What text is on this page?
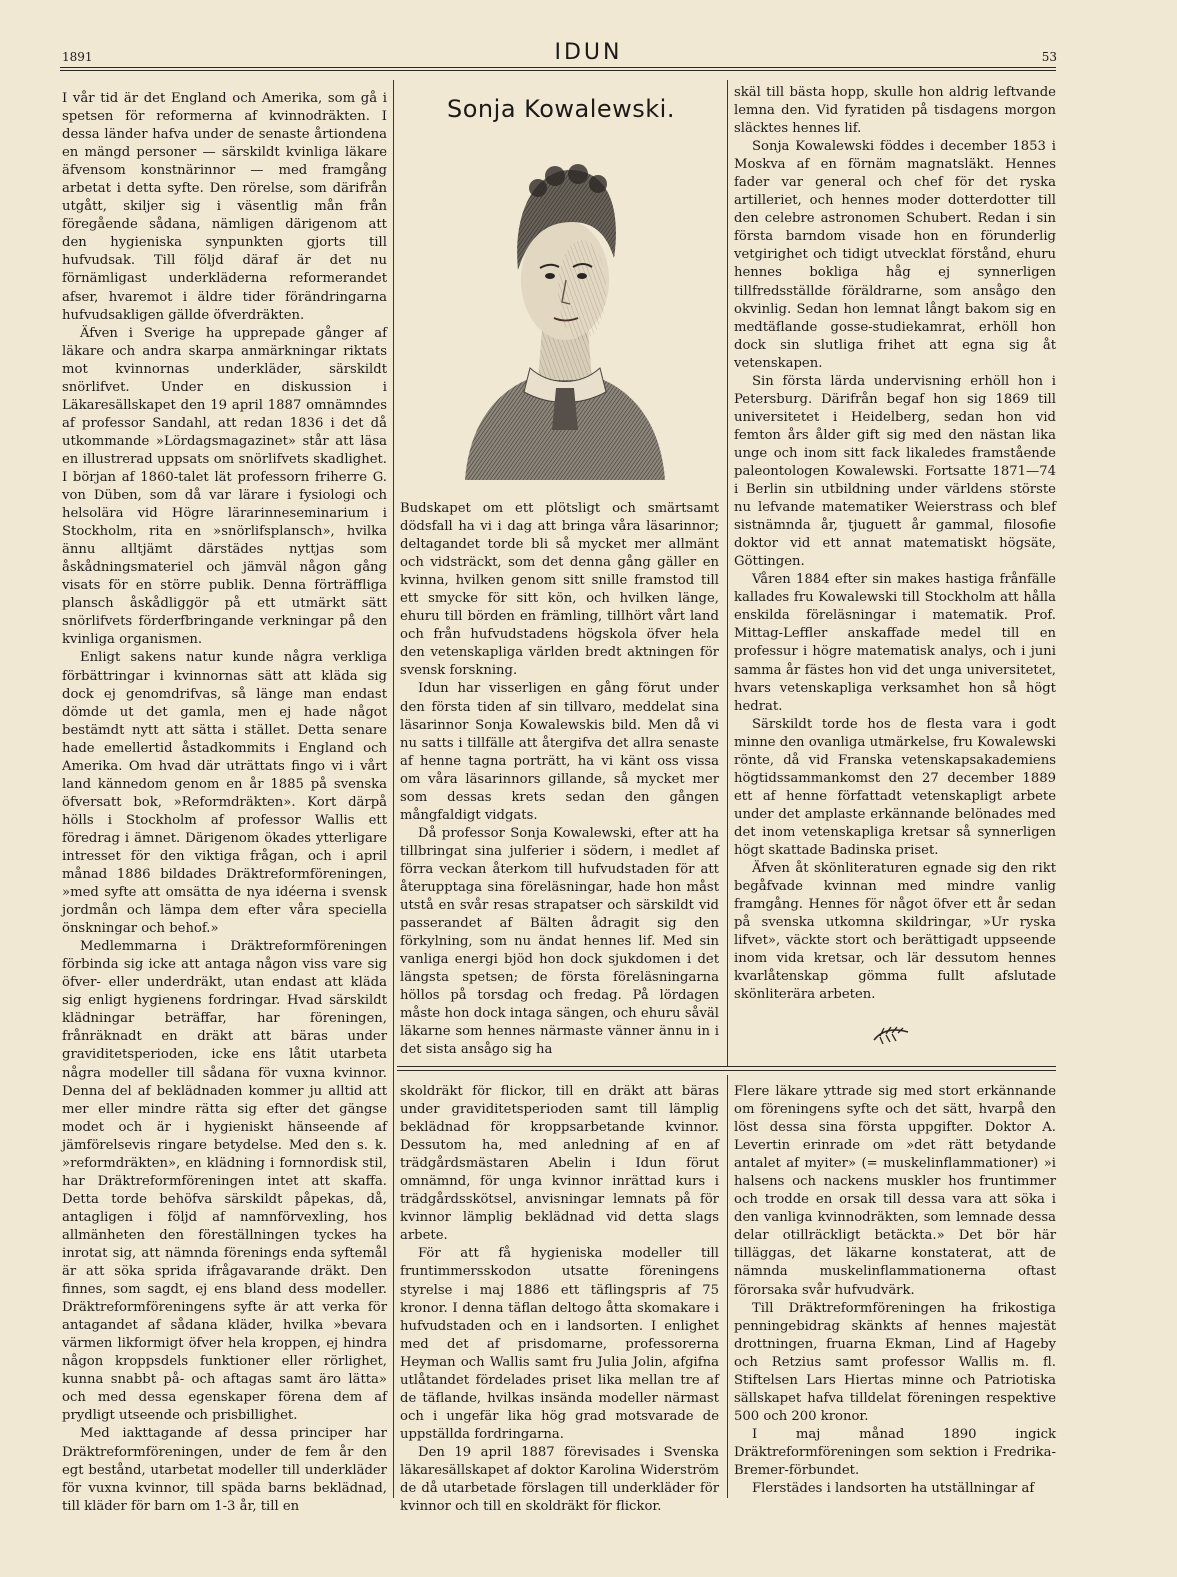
1891	IDUN	53

I vår tid är det England och Amerika, som gå i spetsen för reformerna af kvinnodräkten. I dessa länder hafva under de senaste årtiondena en mängd personer — särskildt kvinliga läkare äfvensom konstnärinnor — med framgång arbetat i detta syfte. Den rörelse, som därifrån utgått, skiljer sig i väsentlig mån från föregående sådana, nämligen därigenom att den hygieniska synpunkten gjorts till hufvudsak. Till följd däraf är det nu förnämligast underkläderna reformerandet afser, hvaremot i äldre tider förändringarna hufvudsakligen gällde öfverdräkten.

Äfven i Sverige ha upprepade gånger af läkare och andra skarpa anmärkningar riktats mot kvinnornas underkläder, särskildt snörlifvet. Under en diskussion i Läkaresällskapet den 19 april 1887 omnämndes af professor Sandahl, att redan 1836 i det då utkommande »Lördagsmagazinet» står att läsa en illustrerad uppsats om snörlifvets skadlighet. I början af 1860-talet lät professorn friherre G. von Düben, som då var lärare i fysiologi och helsolära vid Högre lärarinneseminarium i Stockholm, rita en »snörlifsplansch», hvilka ännu alltjämt därstädes nyttjas som åskådningsmateriel och jämväl någon gång visats för en större publik. Denna förträffliga plansch åskådliggör på ett utmärkt sätt snörlifvets förderfbringande verkningar på den kvinliga organismen.

Enligt sakens natur kunde några verkliga förbättringar i kvinnornas sätt att kläda sig dock ej genomdrifvas, så länge man endast dömde ut det gamla, men ej hade något bestämdt nytt att sätta i stället. Detta senare hade emellertid åstadkommits i England och Amerika. Om hvad där uträttats fingo vi i vårt land kännedom genom en år 1885 på svenska öfversatt bok, »Reformdräkten». Kort därpå hölls i Stockholm af professor Wallis ett föredrag i ämnet. Därigenom ökades ytterligare intresset för den viktiga frågan, och i april månad 1886 bildades Dräktreformföreningen, »med syfte att omsätta de nya idéerna i svensk jordmån och lämpa dem efter våra speciella önskningar och behof.»

Medlemmarna i Dräktreformföreningen förbinda sig icke att antaga någon viss vare sig öfver- eller underdräkt, utan endast att kläda sig enligt hygienens fordringar. Hvad särskildt klädningar beträffar, har föreningen, frånräknadt en dräkt att bäras under graviditetsperioden, icke ens låtit utarbeta några modeller till sådana för vuxna kvinnor. Denna del af beklädnaden kommer ju alltid att mer eller mindre rätta sig efter det gängse modet och är i hygieniskt hänseende af jämförelsevis ringare betydelse. Med den s. k. »reformdräkten», en klädning i fornnordisk stil, har Dräktreformföreningen intet att skaffa. Detta torde behöfva särskildt påpekas, då, antagligen i följd af namnförvexling, hos allmänheten den föreställningen tyckes ha inrotat sig, att nämnda förenings enda syftemål är att söka sprida ifrågavarande dräkt. Den finnes, som sagdt, ej ens bland dess modeller. Dräktreformföreningens syfte är att verka för antagandet af sådana kläder, hvilka »bevara värmen likformigt öfver hela kroppen, ej hindra någon kroppsdels funktioner eller rörlighet, kunna snabbt på- och aftagas samt äro lätta» och med dessa egenskaper förena dem af prydligt utseende och prisbillighet.

Med iakttagande af dessa principer har Dräktreformföreningen, under de fem år den egt bestånd, utarbetat modeller till underkläder för vuxna kvinnor, till späda barns beklädnad, till kläder för barn om 1-3 år, till en

Sonja Kowalewski.

Budskapet om ett plötsligt och smärtsamt dödsfall ha vi i dag att bringa våra läsarinnor; deltagandet torde bli så mycket mer allmänt och vidsträckt, som det denna gång gäller en kvinna, hvilken genom sitt snille framstod till ett smycke för sitt kön, och hvilken länge, ehuru till börden en främling, tillhört vårt land och från hufvudstadens högskola öfver hela den vetenskapliga världen bredt aktningen för svensk forskning.

Idun har visserligen en gång förut under den första tiden af sin tillvaro, meddelat sina läsarinnor Sonja Kowalewskis bild. Men då vi nu satts i tillfälle att återgifva det allra senaste af henne tagna porträtt, ha vi känt oss vissa om våra läsarinnors gillande, så mycket mer som dessas krets sedan den gången mångfaldigt vidgats.

Då professor Sonja Kowalewski, efter att ha tillbringat sina julferier i södern, i medlet af förra veckan återkom till hufvudstaden för att återupptaga sina föreläsningar, hade hon måst utstå en svår resas strapatser och särskildt vid passerandet af Bälten ådragit sig den förkylning, som nu ändat hennes lif. Med sin vanliga energi bjöd hon dock sjukdomen i det längsta spetsen; de första föreläsningarna höllos på torsdag och fredag. På lördagen måste hon dock intaga sängen, och ehuru såväl läkarne som hennes närmaste vänner ännu in i det sista ansågo sig ha

skäl till bästa hopp, skulle hon aldrig leftvande lemna den. Vid fyratiden på tisdagens morgon släcktes hennes lif.

Sonja Kowalewski föddes i december 1853 i Moskva af en förnäm magnatsläkt. Hennes fader var general och chef för det ryska artilleriet, och hennes moder dotterdotter till den celebre astronomen Schubert. Redan i sin första barndom visade hon en förunderlig vetgirighet och tidigt utvecklat förstånd, ehuru hennes bokliga håg ej synnerligen tillfredsställde föräldrarne, som ansågo den okvinlig. Sedan hon lemnat långt bakom sig en medtäflande gosse-studiekamrat, erhöll hon dock sin slutliga frihet att egna sig åt vetenskapen.

Sin första lärda undervisning erhöll hon i Petersburg. Därifrån begaf hon sig 1869 till universitetet i Heidelberg, sedan hon vid femton års ålder gift sig med den nästan lika unge och inom sitt fack likaledes framstående paleontologen Kowalewski. Fortsatte 1871—74 i Berlin sin utbildning under världens störste nu lefvande matematiker Weierstrass och blef sistnämnda år, tjuguett år gammal, filosofie doktor vid ett annat matematiskt högsäte, Göttingen.

Våren 1884 efter sin makes hastiga frånfälle kallades fru Kowalewski till Stockholm att hålla enskilda föreläsningar i matematik. Prof. Mittag-Leffler anskaffade medel till en professur i högre matematisk analys, och i juni samma år fästes hon vid det unga universitetet, hvars vetenskapliga verksamhet hon så högt hedrat.

Särskildt torde hos de flesta vara i godt minne den ovanliga utmärkelse, fru Kowalewski rönte, då vid Franska vetenskapsakademiens högtidssammankomst den 27 december 1889 ett af henne författadt vetenskapligt arbete under det amplaste erkännande belönades med det inom vetenskapliga kretsar så synnerligen högt skattade Badinska priset.

Äfven åt skönliteraturen egnade sig den rikt begåfvade kvinnan med mindre vanlig framgång. Hennes för något öfver ett år sedan på svenska utkomna skildringar, »Ur ryska lifvet», väckte stort och berättigadt uppseende inom vida kretsar, och lär dessutom hennes kvarlåtenskap gömma fullt afslutade skönliterära arbeten.

skoldräkt för flickor, till en dräkt att bäras under graviditetsperioden samt till lämplig beklädnad för kroppsarbetande kvinnor. Dessutom ha, med anledning af en af trädgårdsmästaren Abelin i Idun förut omnämnd, för unga kvinnor inrättad kurs i trädgårdsskötsel, anvisningar lemnats på för kvinnor lämplig beklädnad vid detta slags arbete.

För att få hygieniska modeller till fruntimmersskodon utsatte föreningens styrelse i maj 1886 ett täflingspris af 75 kronor. I denna täflan deltogo åtta skomakare i hufvudstaden och en i landsorten. I enlighet med det af prisdomarne, professorerna Heyman och Wallis samt fru Julia Jolin, afgifna utlåtandet fördelades priset lika mellan tre af de täflande, hvilkas insända modeller närmast och i ungefär lika hög grad motsvarade de uppställda fordringarna.

Den 19 april 1887 förevisades i Svenska läkaresällskapet af doktor Karolina Widerström de då utarbetade förslagen till underkläder för kvinnor och till en skoldräkt för flickor.

Flere läkare yttrade sig med stort erkännande om föreningens syfte och det sätt, hvarpå den löst dessa sina första uppgifter. Doktor A. Levertin erinrade om »det rätt betydande antalet af myiter» (= muskelinflammationer) »i halsens och nackens muskler hos fruntimmer och trodde en orsak till dessa vara att söka i den vanliga kvinnodräkten, som lemnade dessa delar otillräckligt betäckta.» Det bör här tilläggas, det läkarne konstaterat, att de nämnda muskelinflammationerna oftast förorsaka svår hufvudvärk.

Till Dräktreformföreningen ha frikostiga penningebidrag skänkts af hennes majestät drottningen, fruarna Ekman, Lind af Hageby och Retzius samt professor Wallis m. fl. Stiftelsen Lars Hiertas minne och Patriotiska sällskapet hafva tilldelat föreningen respektive 500 och 200 kronor.

I maj månad 1890 ingick Dräktreformföreningen som sektion i Fredrika-Bremer-förbundet.

Flerstädes i landsorten ha utställningar af
